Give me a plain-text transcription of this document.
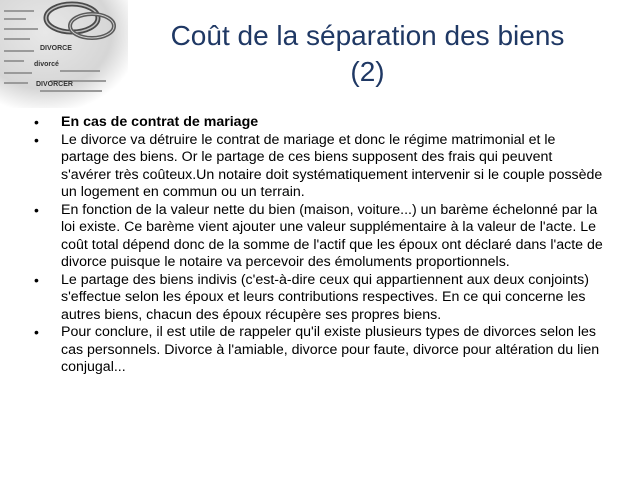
DIVORCE
divorcé
DIVORCER
Coût de la séparation des biens
(2)
• En cas de contrat de mariage
• Le divorce va détruire le contrat de mariage et donc le régime matrimonial et le partage des biens. Or le partage de ces biens supposent des frais qui peuvent s'avérer très coûteux.Un notaire doit systématiquement intervenir si le couple possède un logement en commun ou un terrain.
• En fonction de la valeur nette du bien (maison, voiture...) un barème échelonné par la loi existe. Ce barème vient ajouter une valeur supplémentaire à la valeur de l'acte. Le coût total dépend donc de la somme de l'actif que les époux ont déclaré dans l'acte de divorce puisque le notaire va percevoir des émoluments proportionnels.
• Le partage des biens indivis (c'est-à-dire ceux qui appartiennent aux deux conjoints) s'effectue selon les époux et leurs contributions respectives. En ce qui concerne les autres biens, chacun des époux récupère ses propres biens.
• Pour conclure, il est utile de rappeler qu'il existe plusieurs types de divorces selon les cas personnels. Divorce à l'amiable, divorce pour faute, divorce pour altération du lien conjugal...
